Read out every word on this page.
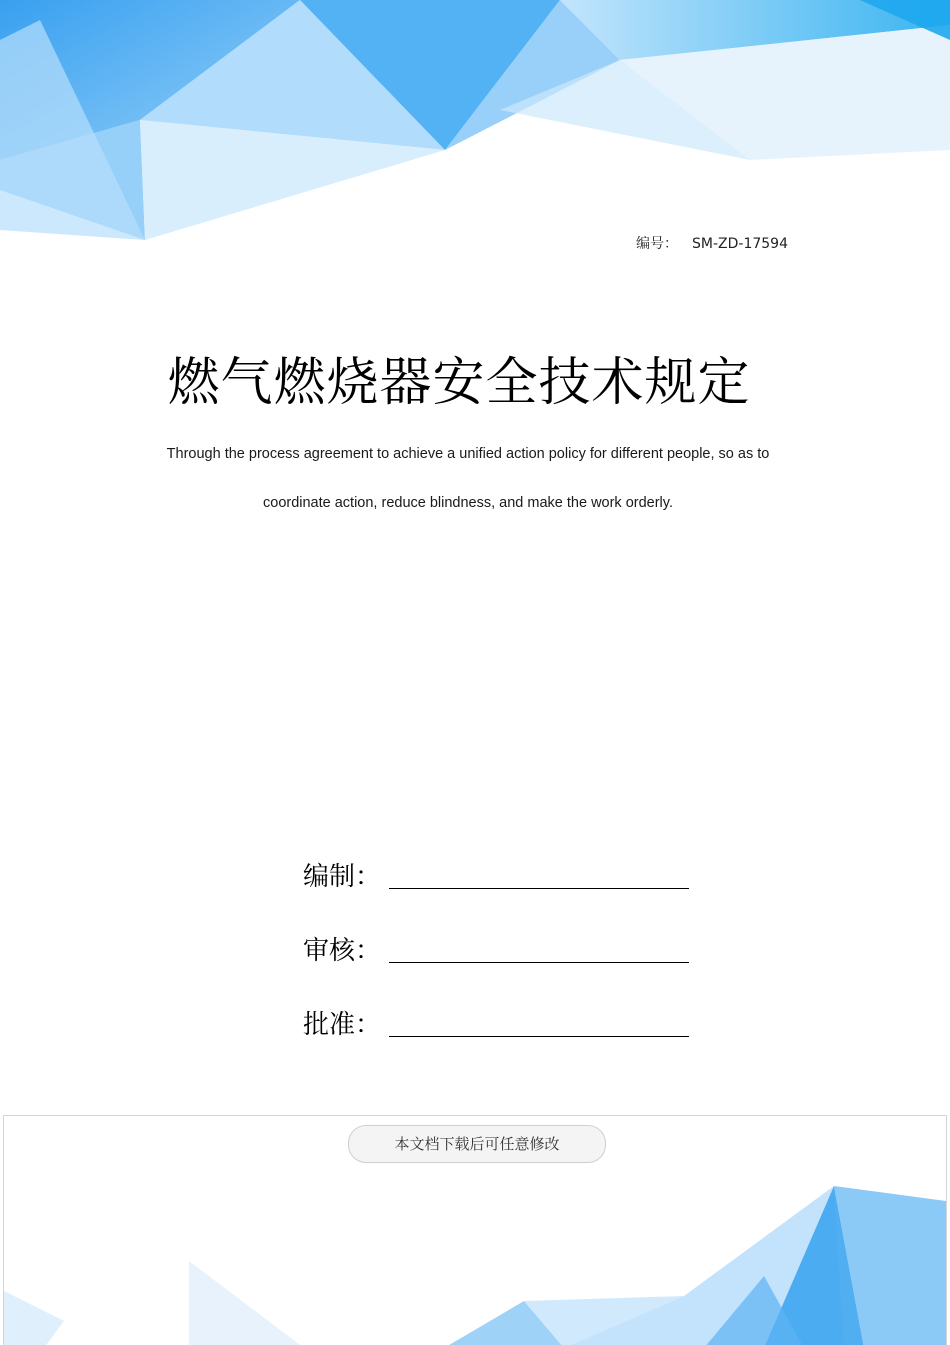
编号： SM-ZD-17594
燃气燃烧器安全技术规定
Through the process agreement to achieve a unified action policy for different people, so as to
coordinate action, reduce blindness, and make the work orderly.
编制：
审核：
批准：
本文档下载后可任意修改
